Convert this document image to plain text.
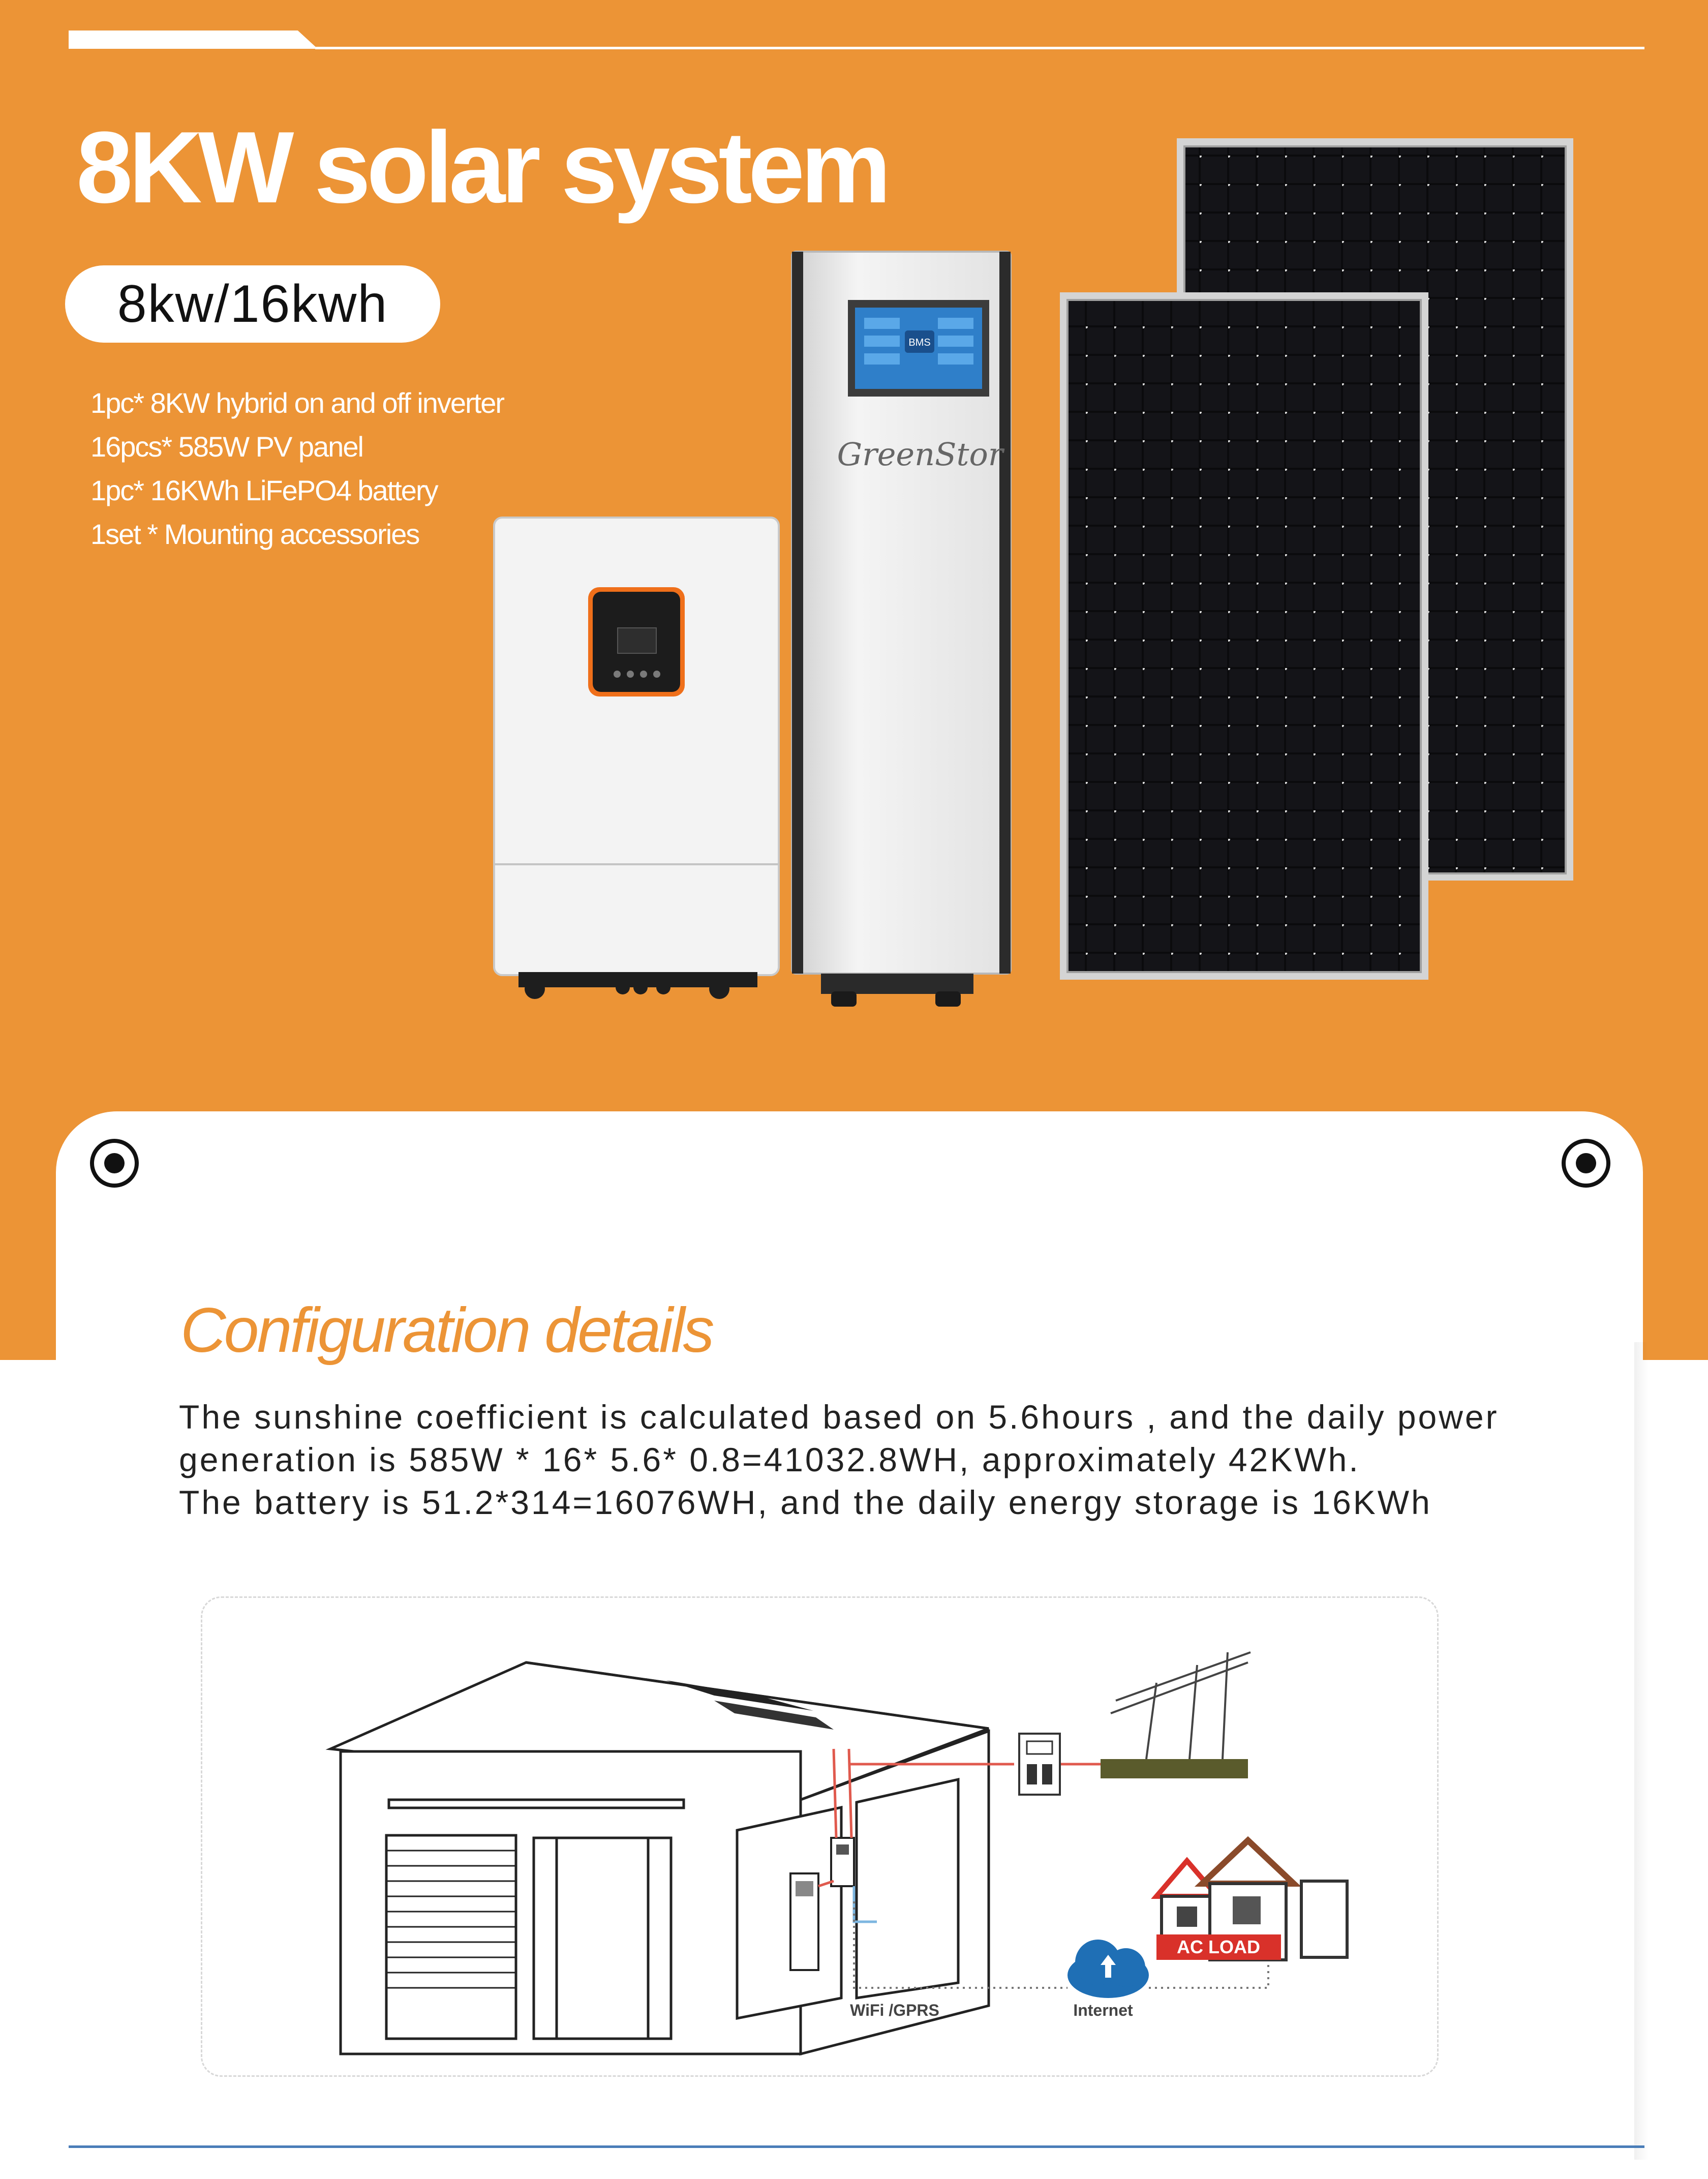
8KW solar system
8kw/16kwh
1pc* 8KW hybrid on and off inverter
16pcs* 585W PV panel
1pc* 16KWh LiFePO4 battery
1set * Mounting accessories
BMS
GreenStor
Configuration details
The sunshine coefficient is calculated based on 5.6hours , and the daily power
generation is 585W * 16* 5.6* 0.8=41032.8WH, approximately 42KWh.
The battery is 51.2*314=16076WH, and the daily energy storage is 16KWh
AC LOAD
WiFi /GPRS	Internet
